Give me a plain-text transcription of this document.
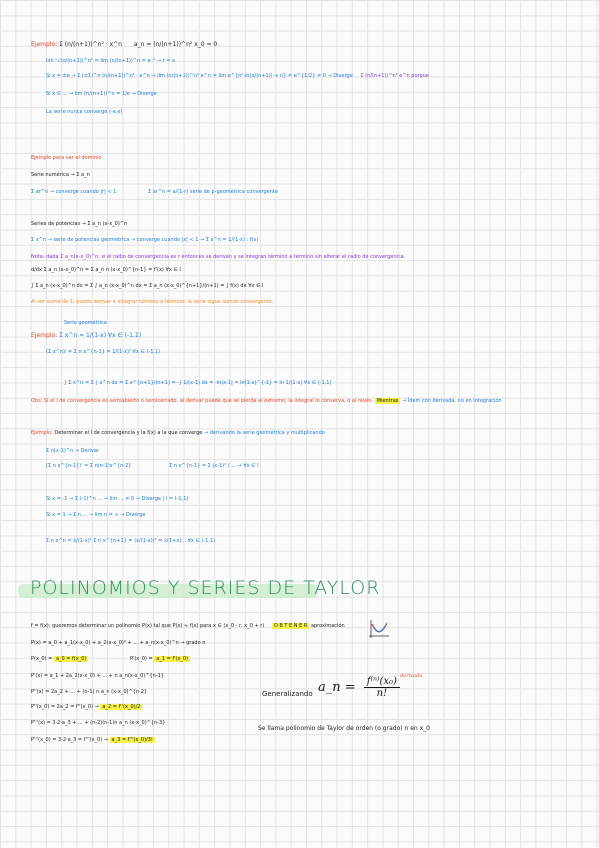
Ejemplo: Σ (n/(n+1))^n² · x^n a_n = (n/(n+1))^n² x_0 = 0
lim ⁿ√(n/(n+1))^n² = lim (n/(n+1))^n = e⁻¹ → r = e
Si x = ±e → Σ (±1)^n (n/(n+1))^n² · e^n → lim (n/(n+1))^n² e^n = lim e^{n²·ln(n/(n+1)) + n} = e^{1/2} ≠ 0 → Diverge Σ (n/(n+1))^n² e^n porque
Si x ∈ ... → lim (n/(n+1))^n = 1/e → Diverge
La serie nunca converge (-e,e)
Ejemplo para ver el dominio
Serie numérica → Σ a_n
Σ ar^n → converge cuando |r| < 1	Σ ar^n = a/(1-r) serie de p-geométrica convergente
Series de potencias → Σ a_n (x-x_0)^n
Σ x^n → serie de potencias geométrica → converge cuando |x| < 1 → Σ x^n = 1/(1-x) : f(x)
Nota: dada Σ a_n(x-x_0)^n, si el radio de convergencia es r entonces se derivan y se integran término a término sin alterar el radio de convergencia.
d/dx Σ a_n (x-x_0)^n = Σ a_n n (x-x_0)^{n-1} = f'(x) ∀x ∈ I
∫ Σ a_n (x-x_0)^n dx = Σ ∫ a_n (x-x_0)^n dx = Σ a_n (x-x_0)^{n+1}/(n+1) = ∫ f(x) dx ∀x ∈ I
Al ser suma de Σ, puedo derivar e integrar término a término: la serie sigue siendo convergente.
Serie geométrica
Ejemplo: Σ x^n = 1/(1-x) ∀x ∈ (-1,1)
(Σ x^n)' = Σ n x^{n-1} = 1/(1-x)² ∀x ∈ (-1,1)
∫ Σ x^n = Σ ∫ x^n dx = Σ x^{n+1}/(n+1) = -∫ 1/(x-1) dx = -ln|x-1| = ln(1-x)^{-1} = ln 1/(1-x) ∀x ∈ (-1,1)
Obs: Si el I de convergencia es semiabierto o semicerrado, al derivar puede que se pierda el extremo; la integral lo conserva, o al revés. Mientras → Ídem con derivada, no en integración
Ejemplo: Determinar el I de convergencia y la f(x) a la que converge → derivando la serie geométrica y multiplicando
Σ n(x-1)^n → Derivar
(Σ n x^{n-1})' = Σ n(n-1)x^{n-2}	Σ n x^{n-1} = Σ (x-1)² / ... → ∀x ∈ I
Si x = -1 → Σ (-1)^n ... → lim ... ≠ 0 → Diverge | I = (-1,1)
Si x = 1 → Σ n ... → lim n = ∞ → Diverge
Σ n x^n = x/(1-x)² Σ n x^{n+1} = (x/(1-x))² = x(1+x)... ∀x ∈ (-1,1)
POLINOMIOS Y SERIES DE TAYLOR
f = f(x): queremos determinar un polinomio P(x) tal que P(x) ≈ f(x) para x ∈ (x_0 - r, x_0 + r) O B T E N E R aproximación
P(x) = a_0 + a_1(x-x_0) + a_2(x-x_0)² + ... + a_n(x-x_0)^n → grado n
P(x_0) = a_0 = f(x_0)	P'(x_0) = a_1 = f'(x_0)
P'(x) = a_1 + 2a_2(x-x_0) + ... + n a_n(x-x_0)^{n-1}
P''(x) = 2a_2 + ... + (n-1) n a_n (x-x_0)^{n-2}
P''(x_0) = 2a_2 = f''(x_0) → a_2 = f''(x_0)/2
P'''(x) = 3·2·a_3 + ... + (n-2)(n-1)n a_n (x-x_0)^{n-3}
P'''(x_0) = 3·2·a_3 = f'''(x_0) → a_3 = f'''(x_0)/3!
Generalizando a_n = $\frac{\text{f⁽ⁿ⁾(x₀)}}{n!} ^{derivada}$
Se llama polinomio de Taylor de orden (o grado) n en x_0
